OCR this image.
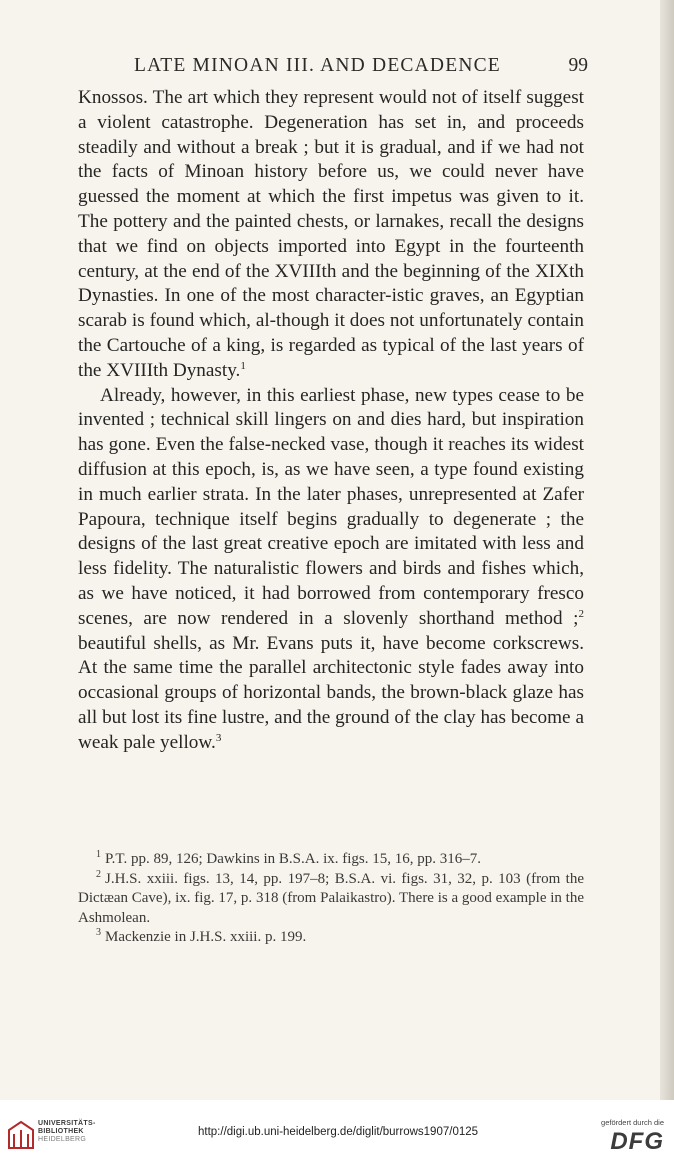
LATE MINOAN III. AND DECADENCE	99

Knossos. The art which they represent would not of itself suggest a violent catastrophe. Degeneration has set in, and proceeds steadily and without a break ; but it is gradual, and if we had not the facts of Minoan history before us, we could never have guessed the moment at which the first impetus was given to it. The pottery and the painted chests, or larnakes, recall the designs that we find on objects imported into Egypt in the fourteenth century, at the end of the XVIIIth and the beginning of the XIXth Dynasties. In one of the most character-istic graves, an Egyptian scarab is found which, al-though it does not unfortunately contain the Cartouche of a king, is regarded as typical of the last years of the XVIIIth Dynasty.$^1$

Already, however, in this earliest phase, new types cease to be invented ; technical skill lingers on and dies hard, but inspiration has gone. Even the false-necked vase, though it reaches its widest diffusion at this epoch, is, as we have seen, a type found existing in much earlier strata. In the later phases, unrepresented at Zafer Papoura, technique itself begins gradually to degenerate ; the designs of the last great creative epoch are imitated with less and less fidelity. The naturalistic flowers and birds and fishes which, as we have noticed, it had borrowed from contemporary fresco scenes, are now rendered in a slovenly shorthand method ;$^2$ beautiful shells, as Mr. Evans puts it, have become corkscrews. At the same time the parallel architectonic style fades away into occasional groups of horizontal bands, the brown-black glaze has all but lost its fine lustre, and the ground of the clay has become a weak pale yellow.$^3$

$^1$ P.T. pp. 89, 126; Dawkins in B.S.A. ix. figs. 15, 16, pp. 316–7.

$^2$ J.H.S. xxiii. figs. 13, 14, pp. 197–8; B.S.A. vi. figs. 31, 32, p. 103 (from the Dictæan Cave), ix. fig. 17, p. 318 (from Palaikastro). There is a good example in the Ashmolean.

$^3$ Mackenzie in J.H.S. xxiii. p. 199.

UNIVERSITÄTS-
BIBLIOTHEK
HEIDELBERG
http://digi.ub.uni-heidelberg.de/diglit/burrows1907/0125
gefördert durch die
DFG
